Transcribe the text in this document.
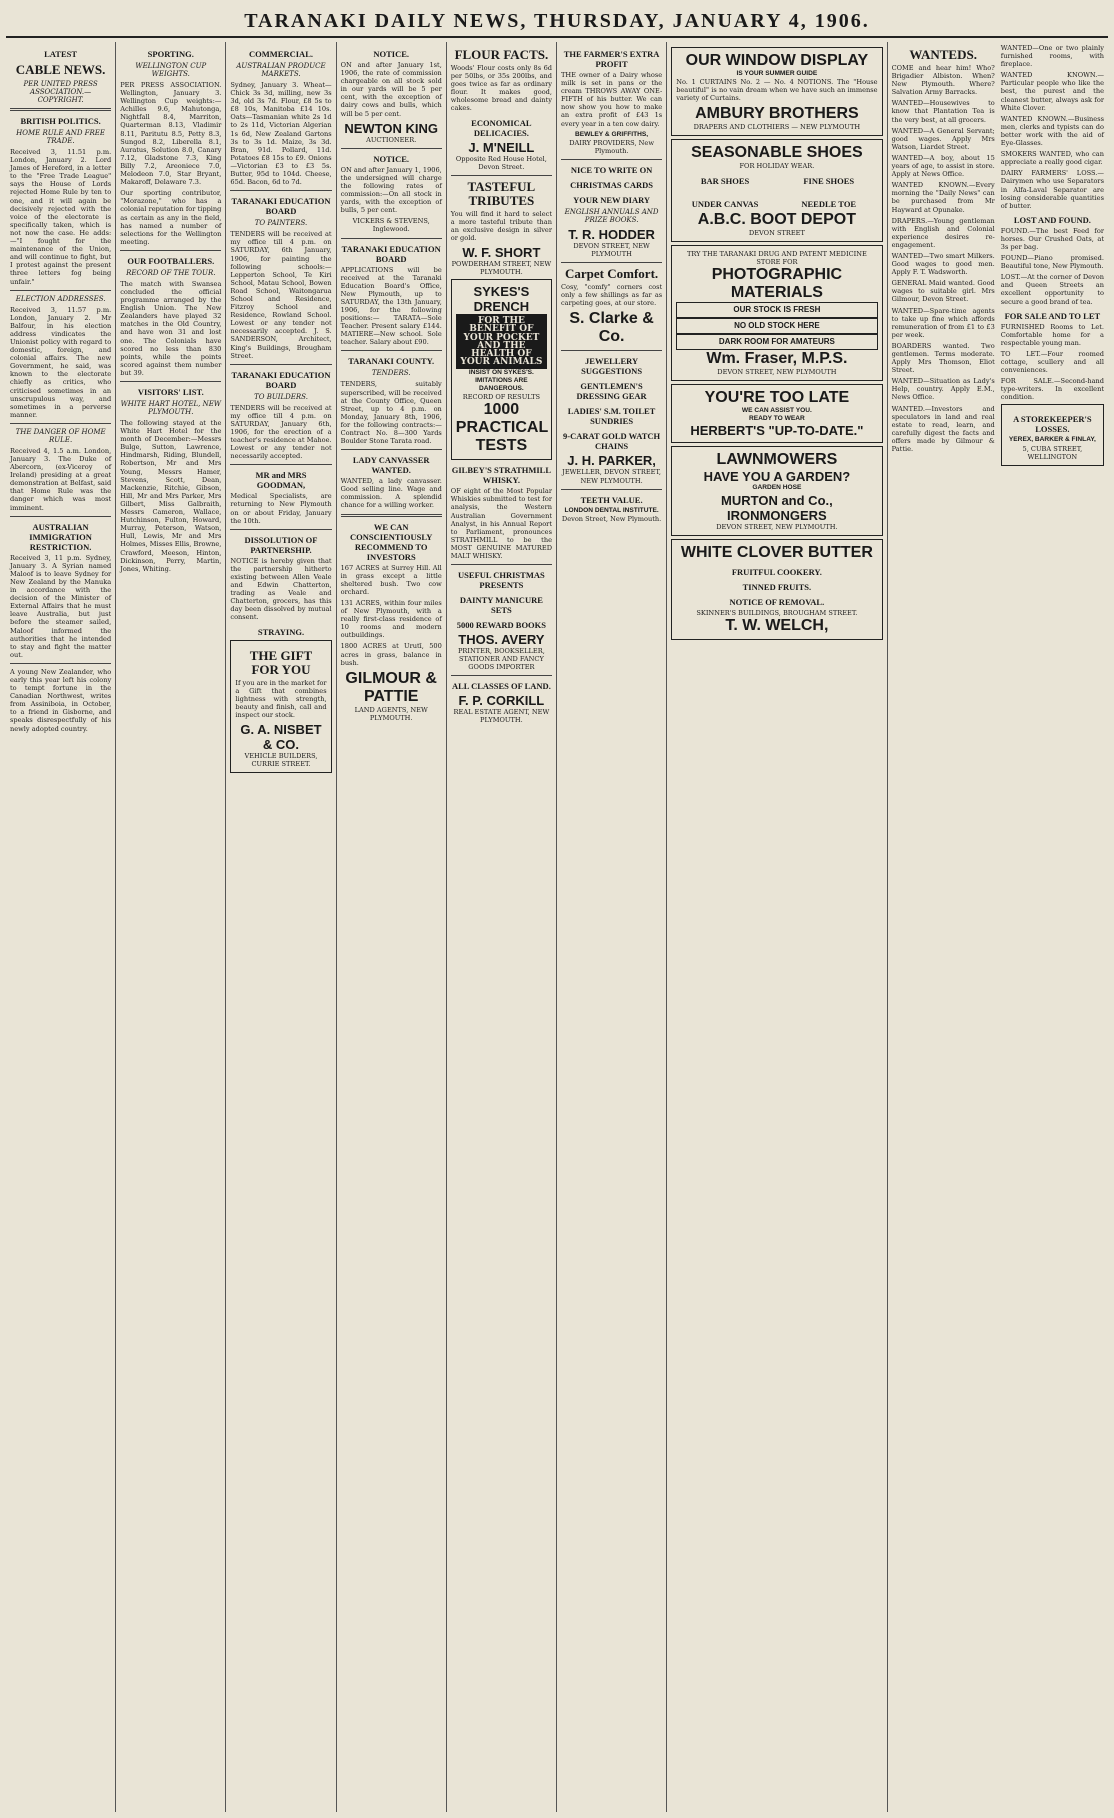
TARANAKI DAILY NEWS, THURSDAY, JANUARY 4, 1906.
LATEST
CABLE NEWS.
PER UNITED PRESS ASSOCIATION.—COPYRIGHT.
BRITISH POLITICS.
HOME RULE AND FREE TRADE.

Received 3, 11.51 p.m. London, January 2. Lord James of Hereford, in a letter to the "Free Trade League" says the House of Lords rejected Home Rule by ten to one, and it will again be decisively rejected with the voice of the electorate is specifically taken, which is not now the case. He adds:—"I fought for the maintenance of the Union, and will continue to fight, but I protest against the present three letters fog being unfair."

ELECTION ADDRESSES.

Received 3, 11.57 p.m. London, January 2. Mr Balfour, in his election address vindicates the Unionist policy with regard to domestic, foreign, and colonial affairs. The new Government, he said, was known to the electorate chiefly as critics, who criticised sometimes in an unscrupulous way, and sometimes in a perverse manner.

THE DANGER OF HOME RULE.

Received 4, 1.5 a.m. London, January 3. The Duke of Abercorn, (ex-Viceroy of Ireland) presiding at a great demonstration at Belfast, said that Home Rule was the danger which was most imminent.

AUSTRALIAN IMMIGRATION RESTRICTION.

Received 3, 11 p.m. Sydney, January 3. A Syrian named Maloof is to leave Sydney for New Zealand by the Manuka in accordance with the decision of the Minister of External Affairs that he must leave Australia, but just before the steamer sailed, Maloof informed the authorities that he intended to stay and fight the matter out.

A young New Zealander, who early this year left his colony to tempt fortune in the Canadian Northwest, writes from Assiniboia, in October, to a friend in Gisborne, and speaks disrespectfully of his newly adopted country.

SPORTING.
WELLINGTON CUP WEIGHTS.

PER PRESS ASSOCIATION. Wellington, January 3. Wellington Cup weights:—Achilles 9.6, Mahutonga, Nightfall 8.4, Marriton, Quarterman 8.13, Vladimir 8.11, Paritutu 8.5, Petty 8.3, Sungod 8.2, Liberella 8.1, Auratus, Solution 8.0, Canary 7.12, Gladstone 7.3, King Billy 7.2, Areoniece 7.0, Melodeon 7.0, Star Bryant, Makaroff, Delaware 7.3.

Our sporting contributor, "Morazone," who has a colonial reputation for tipping as certain as any in the field, has named a number of selections for the Wellington meeting.

OUR FOOTBALLERS.
RECORD OF THE TOUR.

The match with Swansea concluded the official programme arranged by the English Union. The New Zealanders have played 32 matches in the Old Country, and have won 31 and lost one. The Colonials have scored no less than 830 points, while the points scored against them number but 39.

VISITORS' LIST.
WHITE HART HOTEL, NEW PLYMOUTH.

The following stayed at the White Hart Hotel for the month of December:—Messrs Bulge, Sutton, Lawrence, Hindmarsh, Riding, Blundell, Robertson, Mr and Mrs Young, Messrs Hamer, Stevens, Scott, Dean, Mackenzie, Ritchie, Gibson, Hill, Mr and Mrs Parker, Mrs Gilbert, Miss Galbraith, Messrs Cameron, Wallace, Hutchinson, Fulton, Howard, Murray, Peterson, Watson, Hull, Lewis, Mr and Mrs Holmes, Misses Ellis, Browne, Crawford, Meeson, Hinton, Dickinson, Perry, Martin, Jones, Whiting.

COMMERCIAL.
AUSTRALIAN PRODUCE MARKETS.

Sydney, January 3. Wheat—Chick 3s 3d, milling, new 3s 3d, old 3s 7d. Flour, £8 5s to £8 10s, Manitoba £14 10s. Oats—Tasmanian white 2s 1d to 2s 11d, Victorian Algerian 1s 6d, New Zealand Gartons 3s to 3s 1d. Maize, 3s 3d. Bran, 91d. Pollard, 11d. Potatoes £8 15s to £9. Onions—Victorian £3 to £3 5s. Butter, 95d to 104d. Cheese, 65d. Bacon, 6d to 7d.

TARANAKI EDUCATION BOARD
TO PAINTERS.

TENDERS will be received at my office till 4 p.m. on SATURDAY, 6th January, 1906, for painting the following schools:— Lepperton School, Te Kiri School, Matau School, Bowen Road School, Waitongarua School and Residence, Fitzroy School and Residence, Rowland School. Lowest or any tender not necessarily accepted. J. S. SANDERSON, Architect, King's Buildings, Brougham Street.

TARANAKI EDUCATION BOARD
TO BUILDERS.

TENDERS will be received at my office till 4 p.m. on SATURDAY, January 6th, 1906, for the erection of a teacher's residence at Mahoe. Lowest or any tender not necessarily accepted.

MR and MRS GOODMAN,

Medical Specialists, are returning to New Plymouth on or about Friday, January the 10th.

DISSOLUTION OF PARTNERSHIP.

NOTICE is hereby given that the partnership hitherto existing between Allen Veale and Edwin Chatterton, trading as Veale and Chatterton, grocers, has this day been dissolved by mutual consent.

STRAYING.
THE GIFT FOR YOU

If you are in the market for a Gift that combines lightness with strength, beauty and finish, call and inspect our stock.

G. A. NISBET & CO.
VEHICLE BUILDERS, CURRIE STREET.
NOTICE.

ON and after January 1st, 1906, the rate of commission chargeable on all stock sold in our yards will be 5 per cent, with the exception of dairy cows and bulls, which will be 5 per cent.

NEWTON KING
AUCTIONEER.
NOTICE.

ON and after January 1, 1906, the undersigned will charge the following rates of commission:—On all stock in yards, with the exception of bulls, 5 per cent.

VICKERS & STEVENS, Inglewood.
TARANAKI EDUCATION BOARD

APPLICATIONS will be received at the Taranaki Education Board's Office, New Plymouth, up to SATURDAY, the 13th January, 1906, for the following positions:— TARATA—Sole Teacher. Present salary £144. MATIERE—New school. Sole teacher. Salary about £90.

TARANAKI COUNTY.
TENDERS.

TENDERS, suitably superscribed, will be received at the County Office, Queen Street, up to 4 p.m. on Monday, January 8th, 1906, for the following contracts:— Contract No. 8—300 Yards Boulder Stone Tarata road.

LADY CANVASSER WANTED.

WANTED, a lady canvasser. Good selling line. Wage and commission. A splendid chance for a willing worker.

WE CAN CONSCIENTIOUSLY RECOMMEND TO INVESTORS

167 ACRES at Surrey Hill. All in grass except a little sheltered bush. Two cow orchard.

131 ACRES, within four miles of New Plymouth, with a really first-class residence of 10 rooms and modern outbuildings.

1800 ACRES at Urutī, 500 acres in grass, balance in bush.

GILMOUR & PATTIE
LAND AGENTS, NEW PLYMOUTH.
FLOUR FACTS.

Woods' Flour costs only 8s 6d per 50lbs, or 35s 200lbs, and goes twice as far as ordinary flour. It makes good, wholesome bread and dainty cakes.

ECONOMICAL DELICACIES.
J. M'NEILL
Opposite Red House Hotel, Devon Street.
TASTEFUL TRIBUTES

You will find it hard to select a more tasteful tribute than an exclusive design in silver or gold.

W. F. SHORT
POWDERHAM STREET, NEW PLYMOUTH.
SYKES'S DRENCH
FOR THE BENEFIT OF YOUR POCKET AND THE HEALTH OF YOUR ANIMALS
INSIST ON SYKES'S.
IMITATIONS ARE DANGEROUS.
RECORD OF RESULTS
1000 PRACTICAL TESTS
GILBEY'S STRATHMILL WHISKY.

OF eight of the Most Popular Whiskies submitted to test for analysis, the Western Australian Government Analyst, in his Annual Report to Parliament, pronounces STRATHMILL to be the MOST GENUINE MATURED MALT WHISKY.

USEFUL CHRISTMAS PRESENTS
DAINTY MANICURE SETS
5000 REWARD BOOKS
THOS. AVERY
PRINTER, BOOKSELLER, STATIONER AND FANCY GOODS IMPORTER
ALL CLASSES OF LAND.
F. P. CORKILL
REAL ESTATE AGENT, NEW PLYMOUTH.
THE FARMER'S EXTRA PROFIT

THE owner of a Dairy whose milk is set in pans or the cream THROWS AWAY ONE-FIFTH of his butter. We can now show you how to make an extra profit of £43 1s every year in a ten cow dairy.

BEWLEY & GRIFFITHS,
DAIRY PROVIDERS, New Plymouth.
NICE TO WRITE ON
CHRISTMAS CARDS
YOUR NEW DIARY
ENGLISH ANNUALS AND PRIZE BOOKS.
T. R. HODDER
DEVON STREET, NEW PLYMOUTH
Carpet Comfort.

Cosy, "comfy" corners cost only a few shillings as far as carpeting goes, at our store.

S. Clarke & Co.
JEWELLERY SUGGESTIONS
GENTLEMEN'S DRESSING GEAR
LADIES' S.M. TOILET SUNDRIES
9-CARAT GOLD WATCH CHAINS
J. H. PARKER,
JEWELLER, DEVON STREET, NEW PLYMOUTH.
TEETH VALUE.
LONDON DENTAL INSTITUTE.
Devon Street, New Plymouth.
OUR WINDOW DISPLAY
IS YOUR SUMMER GUIDE

No. 1 CURTAINS No. 2 — No. 4 NOTIONS. The "House beautiful" is no vain dream when we have such an immense variety of Curtains.

AMBURY BROTHERS
DRAPERS AND CLOTHIERS — NEW PLYMOUTH
SEASONABLE SHOES
FOR HOLIDAY WEAR.
BAR SHOES	FINE SHOES
UNDER CANVAS	NEEDLE TOE
A.B.C. BOOT DEPOT
DEVON STREET
TRY THE TARANAKI DRUG AND PATENT MEDICINE STORE FOR
PHOTOGRAPHIC MATERIALS
OUR STOCK IS FRESH
NO OLD STOCK HERE
DARK ROOM FOR AMATEURS
Wm. Fraser, M.P.S.
DEVON STREET, NEW PLYMOUTH
YOU'RE TOO LATE
WE CAN ASSIST YOU.
READY TO WEAR
HERBERT'S "UP-TO-DATE."
LAWNMOWERS
HAVE YOU A GARDEN?
GARDEN HOSE
MURTON and Co., IRONMONGERS
DEVON STREET, NEW PLYMOUTH.
WHITE CLOVER BUTTER
FRUITFUL COOKERY.
TINNED FRUITS.
NOTICE OF REMOVAL.
SKINNER'S BUILDINGS, BROUGHAM STREET.
T. W. WELCH,
WANTEDS.

COME and hear him! Who? Brigadier Albiston. When? New Plymouth. Where? Salvation Army Barracks.

WANTED—Housewives to know that Plantation Tea is the very best, at all grocers.

WANTED—A General Servant; good wages. Apply Mrs Watson, Liardet Street.

WANTED—A boy, about 15 years of age, to assist in store. Apply at News Office.

WANTED KNOWN.—Every morning the "Daily News" can be purchased from Mr Hayward at Opunake.

DRAPERS.—Young gentleman with English and Colonial experience desires re-engagement.

WANTED—Two smart Milkers. Good wages to good men. Apply F. T. Wadsworth.

GENERAL Maid wanted. Good wages to suitable girl. Mrs Gilmour, Devon Street.

WANTED—Spare-time agents to take up fine which affords remuneration of from £1 to £3 per week.

BOARDERS wanted. Two gentlemen. Terms moderate. Apply Mrs Thomson, Eliot Street.

WANTED—Situation as Lady's Help, country. Apply E.M., News Office.

WANTED.—Investors and speculators in land and real estate to read, learn, and carefully digest the facts and offers made by Gilmour & Pattie.

WANTED—One or two plainly furnished rooms, with fireplace.

WANTED KNOWN.—Particular people who like the best, the purest and the cleanest butter, always ask for White Clover.

WANTED KNOWN.—Business men, clerks and typists can do better work with the aid of Eye-Glasses.

SMOKERS WANTED, who can appreciate a really good cigar.

DAIRY FARMERS' LOSS.—Dairymen who use Separators in Alfa-Laval Separator are losing considerable quantities of butter.

LOST AND FOUND.

FOUND.—The best Feed for horses. Our Crushed Oats, at 3s per bag.

FOUND—Piano promised. Beautiful tone, New Plymouth.

LOST.—At the corner of Devon and Queen Streets an excellent opportunity to secure a good brand of tea.

FOR SALE AND TO LET

FURNISHED Rooms to Let. Comfortable home for a respectable young man.

TO LET.—Four roomed cottage, scullery and all conveniences.

FOR SALE.—Second-hand type-writers. In excellent condition.

A STOREKEEPER'S LOSSES.
YEREX, BARKER & FINLAY,
5, CUBA STREET, WELLINGTON
